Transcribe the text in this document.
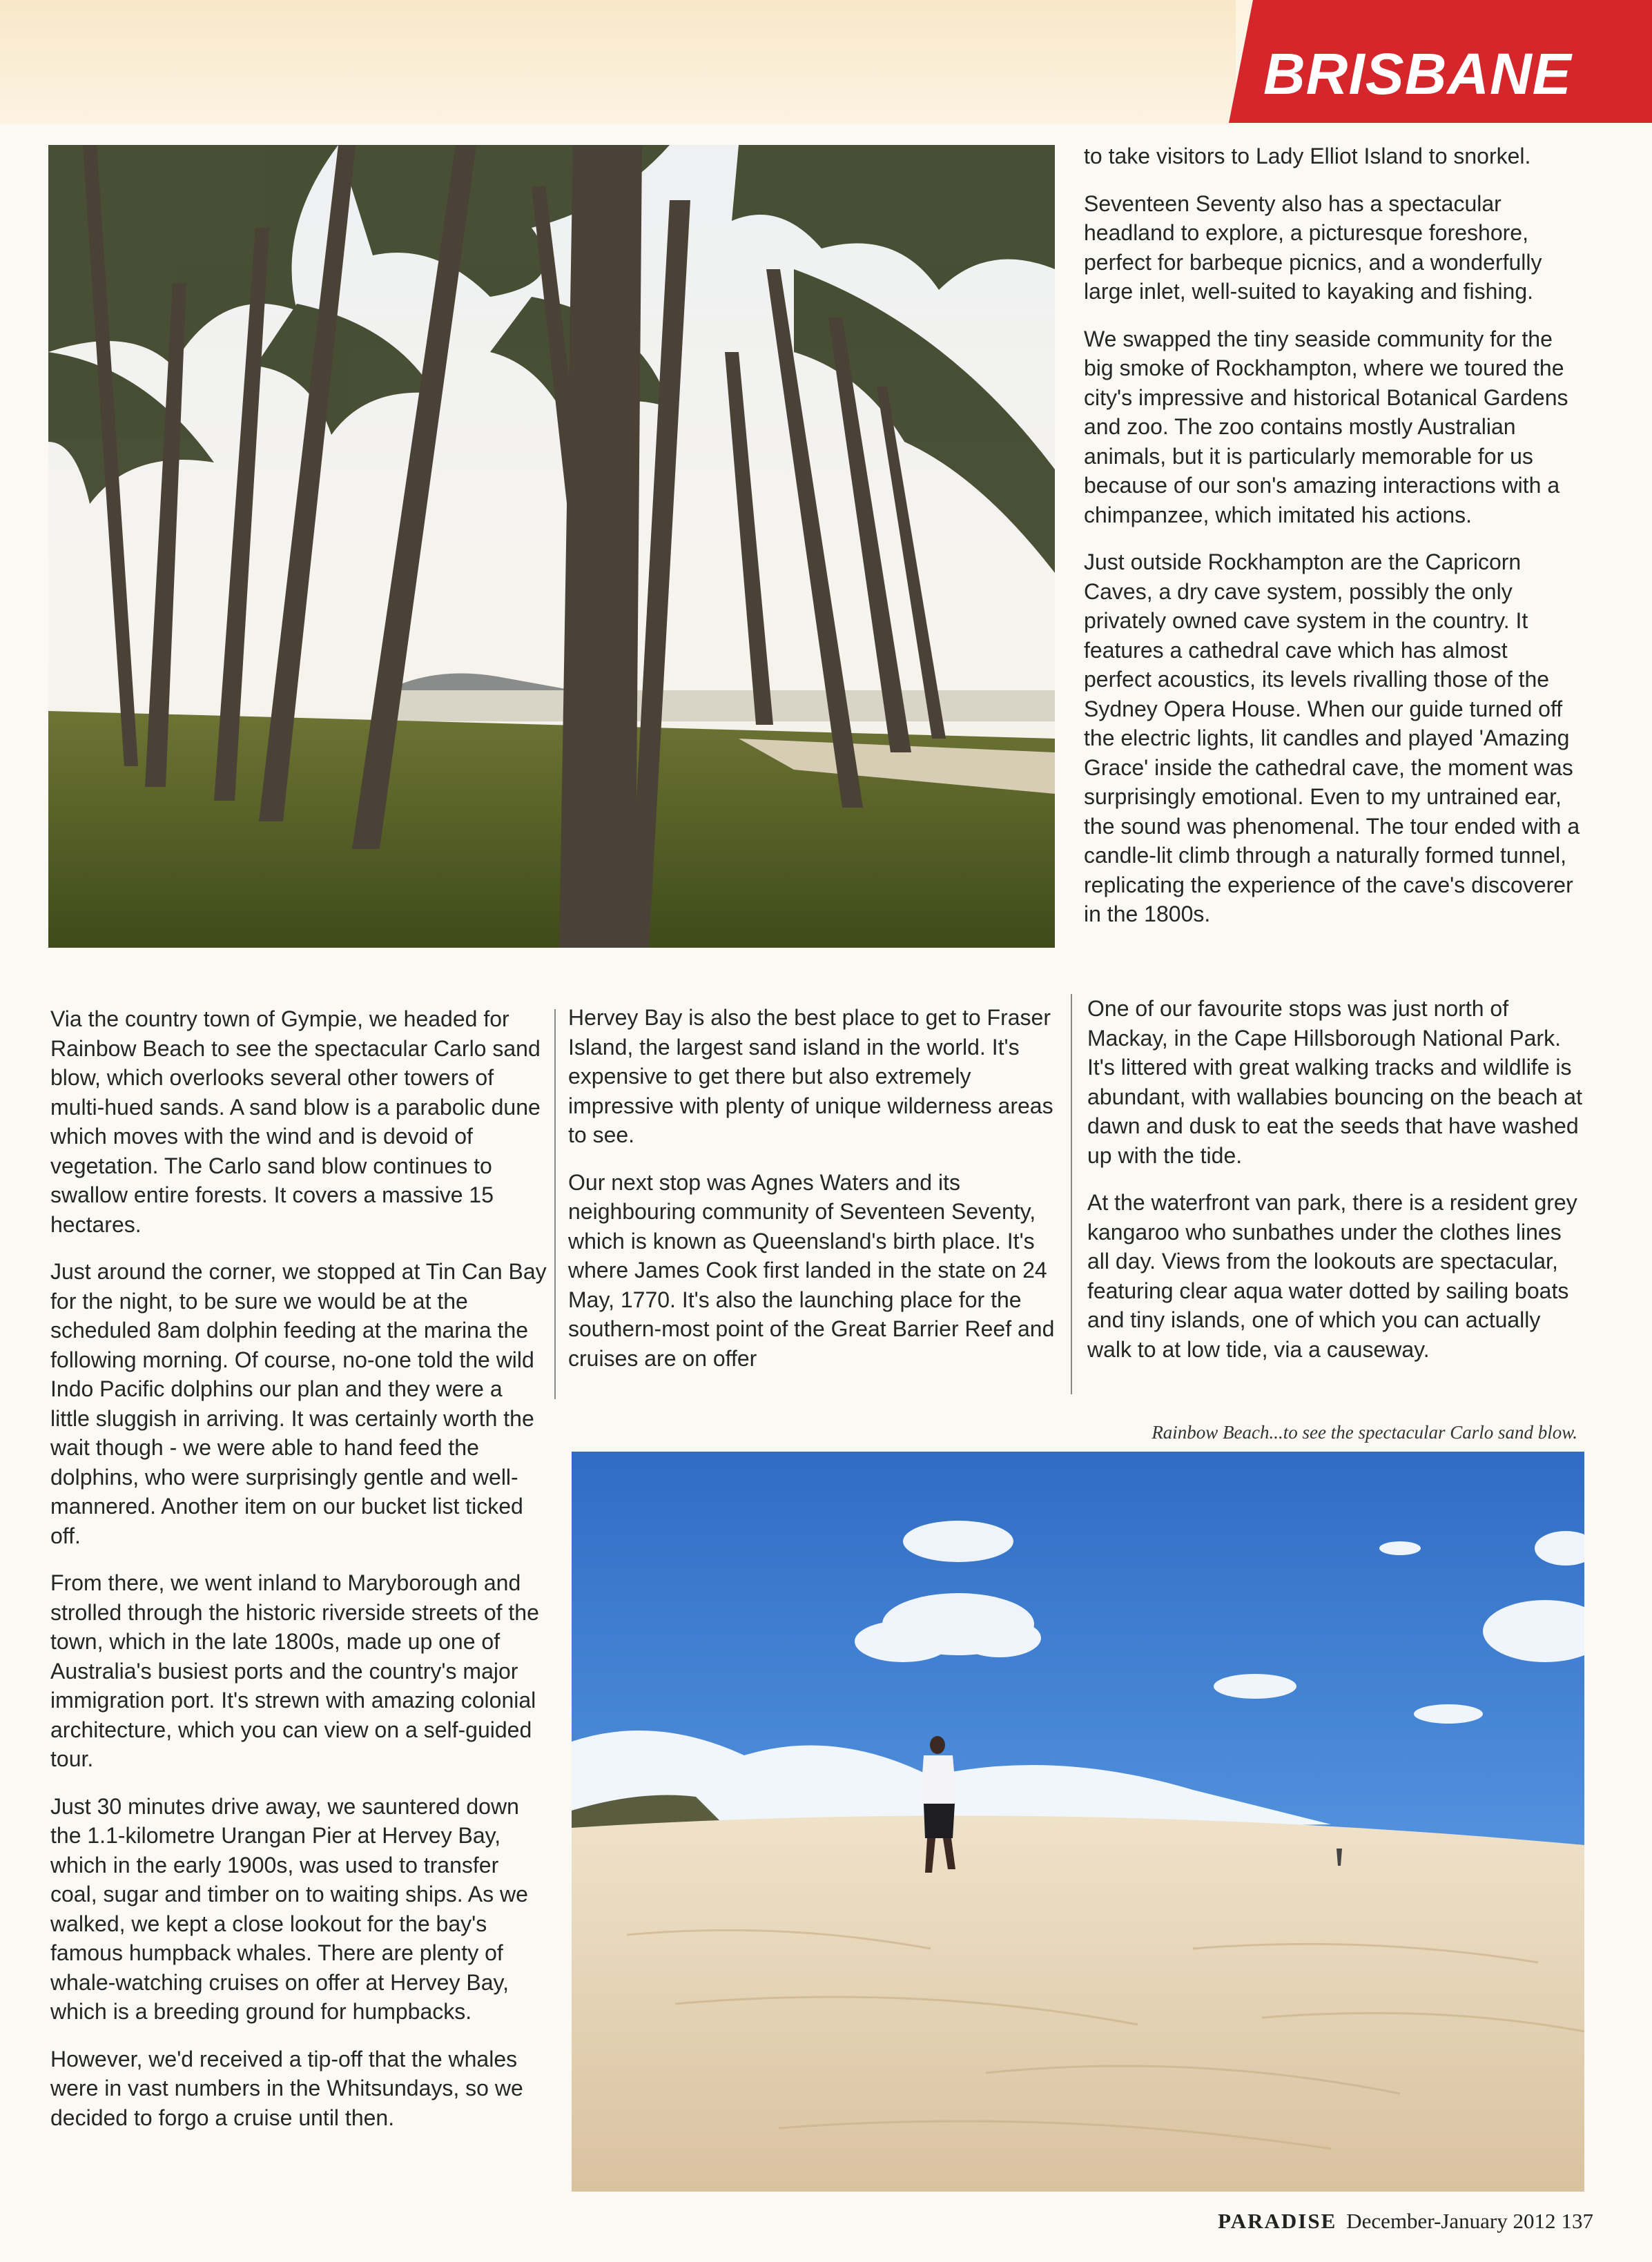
BRISBANE

Via the country town of Gympie, we headed for Rainbow Beach to see the spectacular Carlo sand blow, which overlooks several other towers of multi-hued sands. A sand blow is a parabolic dune which moves with the wind and is devoid of vegetation. The Carlo sand blow continues to swallow entire forests. It covers a massive 15 hectares.

Just around the corner, we stopped at Tin Can Bay for the night, to be sure we would be at the scheduled 8am dolphin feeding at the marina the following morning. Of course, no-one told the wild Indo Pacific dolphins our plan and they were a little sluggish in arriving. It was certainly worth the wait though - we were able to hand feed the dolphins, who were surprisingly gentle and well-mannered. Another item on our bucket list ticked off.

From there, we went inland to Maryborough and strolled through the historic riverside streets of the town, which in the late 1800s, made up one of Australia's busiest ports and the country's major immigration port. It's strewn with amazing colonial architecture, which you can view on a self-guided tour.

Just 30 minutes drive away, we sauntered down the 1.1-kilometre Urangan Pier at Hervey Bay, which in the early 1900s, was used to transfer coal, sugar and timber on to waiting ships. As we walked, we kept a close lookout for the bay's famous humpback whales. There are plenty of whale-watching cruises on offer at Hervey Bay, which is a breeding ground for humpbacks.

However, we'd received a tip-off that the whales were in vast numbers in the Whitsundays, so we decided to forgo a cruise until then.

Hervey Bay is also the best place to get to Fraser Island, the largest sand island in the world. It's expensive to get there but also extremely impressive with plenty of unique wilderness areas to see.

Our next stop was Agnes Waters and its neighbouring community of Seventeen Seventy, which is known as Queensland's birth place. It's where James Cook first landed in the state on 24 May, 1770. It's also the launching place for the southern-most point of the Great Barrier Reef and cruises are on offer

to take visitors to Lady Elliot Island to snorkel.

Seventeen Seventy also has a spectacular headland to explore, a picturesque foreshore, perfect for barbeque picnics, and a wonderfully large inlet, well-suited to kayaking and fishing.

We swapped the tiny seaside community for the big smoke of Rockhampton, where we toured the city's impressive and historical Botanical Gardens and zoo. The zoo contains mostly Australian animals, but it is particularly memorable for us because of our son's amazing interactions with a chimpanzee, which imitated his actions.

Just outside Rockhampton are the Capricorn Caves, a dry cave system, possibly the only privately owned cave system in the country. It features a cathedral cave which has almost perfect acoustics, its levels rivalling those of the Sydney Opera House. When our guide turned off the electric lights, lit candles and played 'Amazing Grace' inside the cathedral cave, the moment was surprisingly emotional. Even to my untrained ear, the sound was phenomenal. The tour ended with a candle-lit climb through a naturally formed tunnel, replicating the experience of the cave's discoverer in the 1800s.

One of our favourite stops was just north of Mackay, in the Cape Hillsborough National Park. It's littered with great walking tracks and wildlife is abundant, with wallabies bouncing on the beach at dawn and dusk to eat the seeds that have washed up with the tide.

At the waterfront van park, there is a resident grey kangaroo who sunbathes under the clothes lines all day. Views from the lookouts are spectacular, featuring clear aqua water dotted by sailing boats and tiny islands, one of which you can actually walk to at low tide, via a causeway.

Rainbow Beach...to see the spectacular Carlo sand blow.
PARADISE December-January 2012 137
